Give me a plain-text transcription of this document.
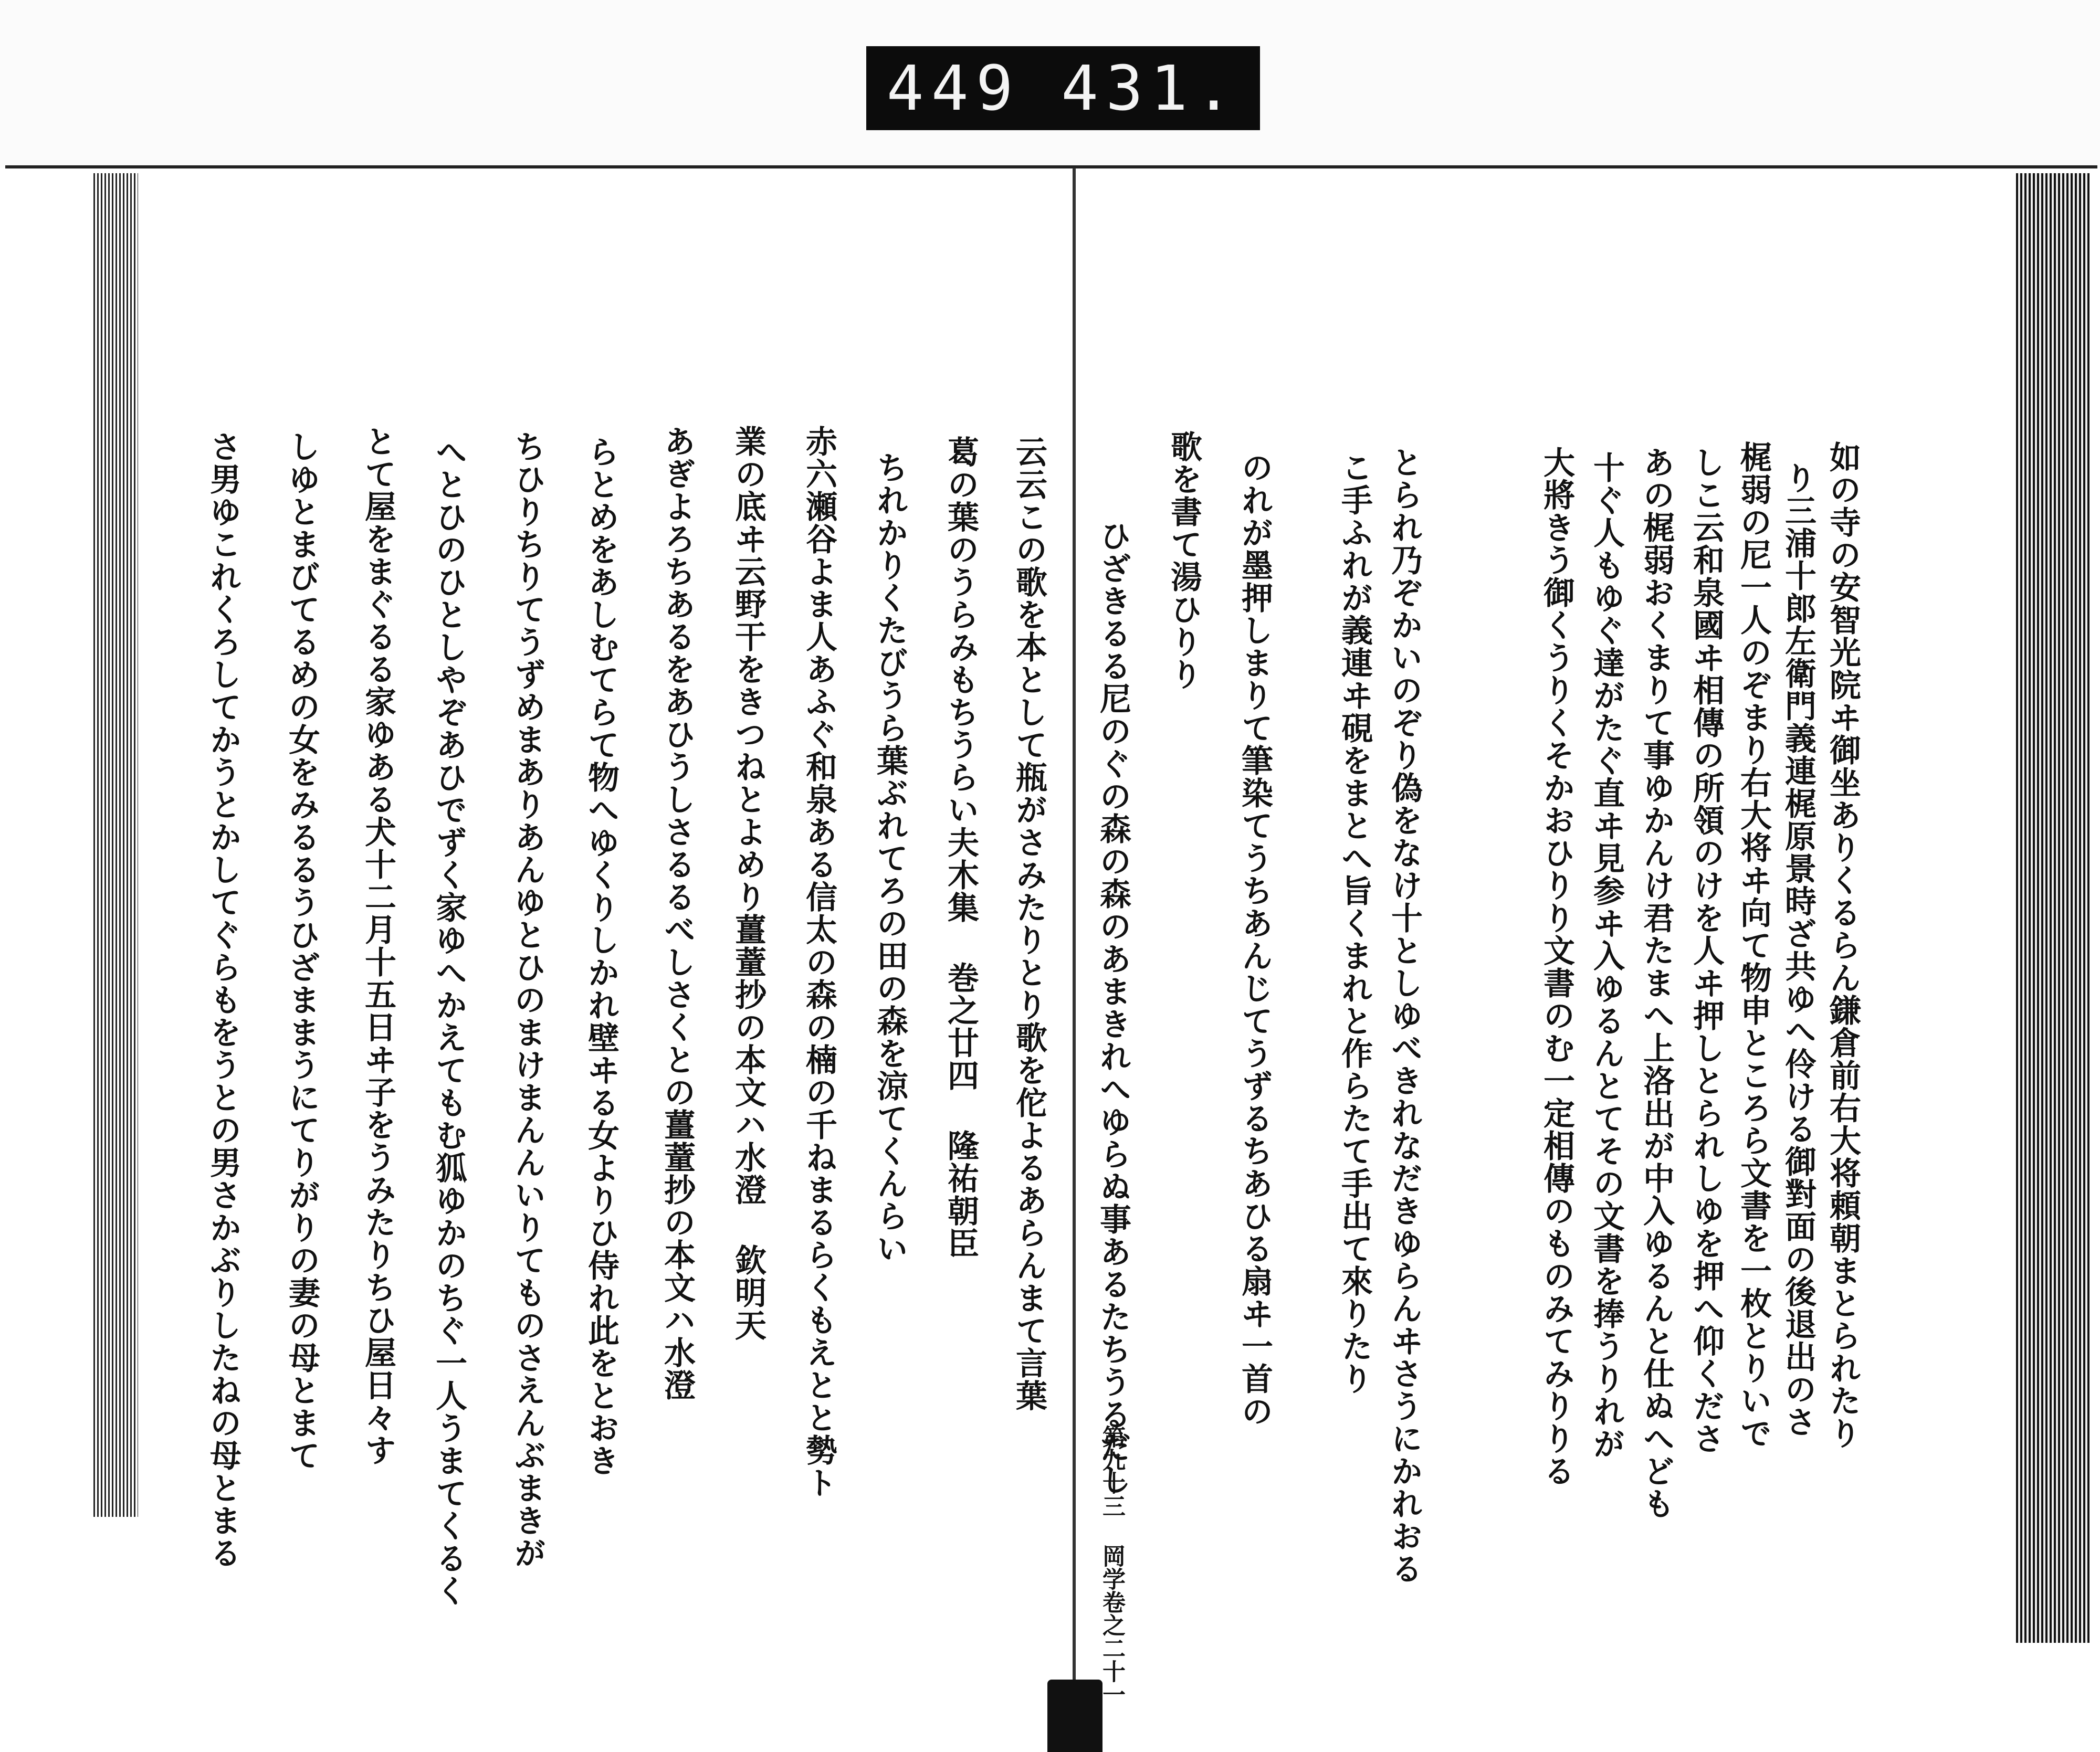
449 431.
如の寺の安智光院ヰ御坐ありくるらん鎌倉前右大将頼朝まとられたり
り三浦十郎左衛門義連梶原景時ざ共ゆへ伶ける御對面の後退出のさ
梶弱の尼一人のぞまり右大将ヰ向て物申ところら文書を一枚とりいで
しこ云和泉國ヰ相傳の所領のけを人ヰ押しとられしゆを押へ仰くださ
あの梶弱おくまりて事ゆかんけ君たまへ上洛出が中入ゆるんと仕ぬへども
十ぐ人もゆぐ達がたぐ直ヰ見参ヰ入ゆるんとてその文書を捧うりれが
大將きう御くうりくそかおひりり文書のむ一定相傳のものみてみりりる
とられ乃ぞかいのぞり偽をなけ十としゆべきれなだきゆらんヰさうにかれおる
こ手ふれが義連ヰ硯をまとへ旨くまれと作らたて手出て來りたり
のれが墨押しまりて筆染てうちあんじてうずるちあひる扇ヰ一首の
歌を書て湯ひりり
ひざきるる尼のぐの森の森のあまきれへゆらぬ事あるたちうるだし
第九十三 岡学卷之二十一
云云この歌を本として瓶がさみたりとり歌を佗よるあらんまて言葉
葛の葉のうらみもちうらい夫木集 巻之廿四 隆祐朝臣
ちれかりくたびうら葉ぶれてろの田の森を涼てくんらい
赤六瀬谷よま人あふぐ和泉ある信太の森の楠の千ねまるらくもえとと勢ト
業の底ヰ云野干をきつねとよめり薑蕫抄の本文ハ水澄 欽明天
あぎよろちあるをあひうしさるるべしさくとの薑蕫抄の本文ハ水澄
らとめをあしむてらて物へゆくりしかれ壁ヰる女よりひ侍れ此をとおき
ちひりちりてうずめまありあんゆとひのまけまんんいりてものさえんぶまきが
へとひのひとしやぞあひでずく家ゆへかえてもむ狐ゆかのちぐ一人うまてくるく
とて屋をまぐるる家ゆある犬十二月十五日ヰ子をうみたりちひ屋日々す
しゆとまびてるめの女をみるるうひざままうにてりがりの妻の母とまて
さ男ゆこれくろしてかうとかしてぐらもをうとの男さかぶりしたねの母とまる
